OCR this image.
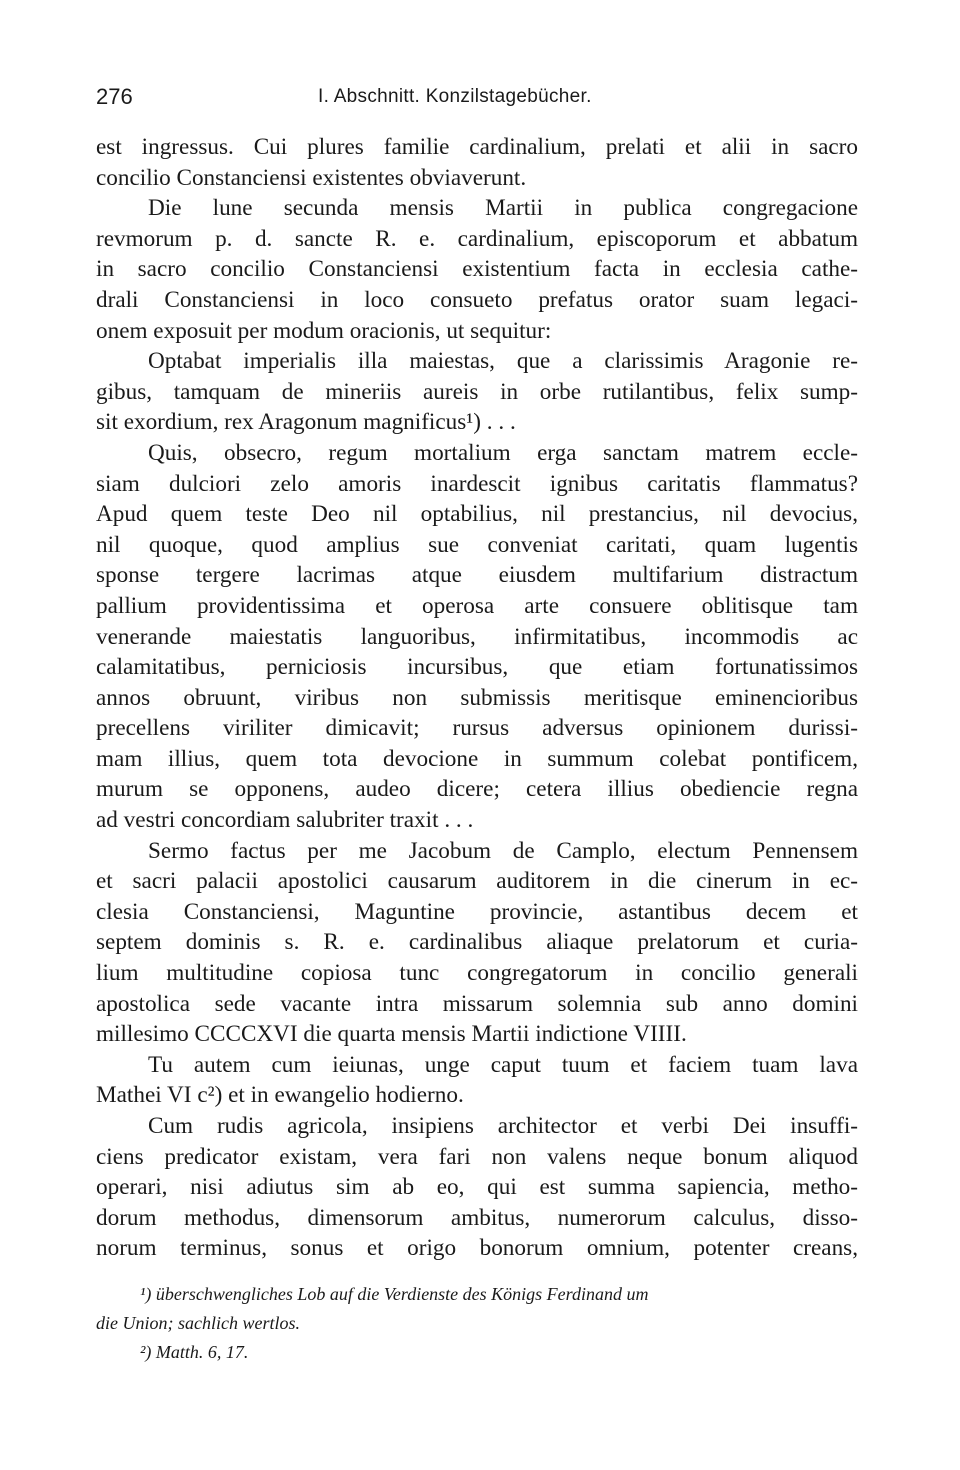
276	I. Abschnitt. Konzilstagebücher.
est ingressus. Cui plures familie cardinalium, prelati et alii in sacro
concilio Constanciensi existentes obviaverunt.
Die lune secunda mensis Martii in publica congregacione
revmorum p. d. sancte R. e. cardinalium, episcoporum et abbatum
in sacro concilio Constanciensi existentium facta in ecclesia cathe-
drali Constanciensi in loco consueto prefatus orator suam legaci-
onem exposuit per modum oracionis, ut sequitur:
Optabat imperialis illa maiestas, que a clarissimis Aragonie re-
gibus, tamquam de mineriis aureis in orbe rutilantibus, felix sump-
sit exordium, rex Aragonum magnificus¹) . . .
Quis, obsecro, regum mortalium erga sanctam matrem eccle-
siam dulciori zelo amoris inardescit ignibus caritatis flammatus?
Apud quem teste Deo nil optabilius, nil prestancius, nil devocius,
nil quoque, quod amplius sue conveniat caritati, quam lugentis
sponse tergere lacrimas atque eiusdem multifarium distractum
pallium providentissima et operosa arte consuere oblitisque tam
venerande maiestatis languoribus, infirmitatibus, incommodis ac
calamitatibus, perniciosis incursibus, que etiam fortunatissimos
annos obruunt, viribus non submissis meritisque eminencioribus
precellens viriliter dimicavit; rursus adversus opinionem durissi-
mam illius, quem tota devocione in summum colebat pontificem,
murum se opponens, audeo dicere; cetera illius obediencie regna
ad vestri concordiam salubriter traxit . . .
Sermo factus per me Jacobum de Camplo, electum Pennensem
et sacri palacii apostolici causarum auditorem in die cinerum in ec-
clesia Constanciensi, Maguntine provincie, astantibus decem et
septem dominis s. R. e. cardinalibus aliaque prelatorum et curia-
lium multitudine copiosa tunc congregatorum in concilio generali
apostolica sede vacante intra missarum solemnia sub anno domini
millesimo CCCCXVI die quarta mensis Martii indictione VIIII.
Tu autem cum ieiunas, unge caput tuum et faciem tuam lava
Mathei VI c²) et in ewangelio hodierno.
Cum rudis agricola, insipiens architector et verbi Dei insuffi-
ciens predicator existam, vera fari non valens neque bonum aliquod
operari, nisi adiutus sim ab eo, qui est summa sapiencia, metho-
dorum methodus, dimensorum ambitus, numerorum calculus, disso-
norum terminus, sonus et origo bonorum omnium, potenter creans,
¹) überschwengliches Lob auf die Verdienste des Königs Ferdinand um
die Union; sachlich wertlos.
²) Matth. 6, 17.
